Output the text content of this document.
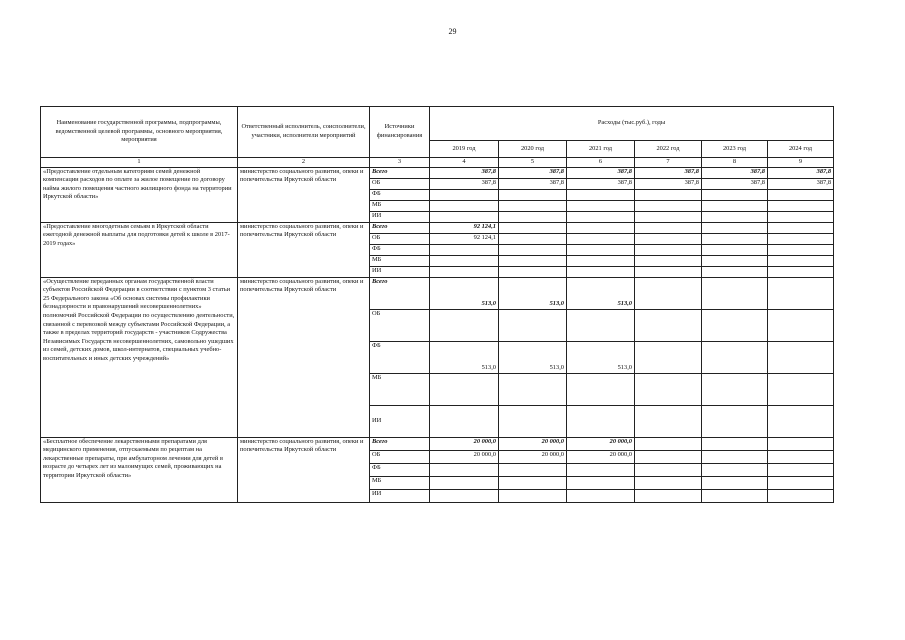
29
Наименование государственной программы, подпрограммы, ведомственной целевой программы, основного мероприятия, мероприятия	Ответственный исполнитель, соисполнители, участники, исполнители мероприятий	Источники финансирования	Расходы (тыс.руб.), годы					
			2019 год	2020 год	2021 год	2022 год	2023 год	2024 год
1	2	3	4	5	6	7	8	9
«Предоставление отдельным категориям семей денежной компенсации расходов по оплате за жилое помещение по договору найма жилого помещения частного жилищного фонда на территории Иркутской области»	министерство социального развития, опеки и попечительства Иркутской области	Всего	387,8	387,8	387,8	387,8	387,8	387,8
		ОБ	387,8	387,8	387,8	387,8	387,8	387,8
		ФБ						
		МБ						
		ИИ						
«Предоставление многодетным семьям в Иркутской области ежегодной денежной выплаты для подготовки детей к школе в 2017-2019 годах»	министерство социального развития, опеки и попечительства Иркутской области	Всего	92 124,1					
		ОБ	92 124,1					
		ФБ						
		МБ						
		ИИ						
«Осуществление переданных органам государственной власти субъектов Российской Федерации в соответствии с пунктом 3 статьи 25 Федерального закона «Об основах системы профилактики безнадзорности и правонарушений несовершеннолетних» полномочий Российской Федерации по осуществлению деятельности, связанной с перевозкой между субъектами Российской Федерации, а также в пределах территорий государств - участников Содружества Независимых Государств несовершеннолетних, самовольно ушедших из семей, детских домов, школ-интернатов, специальных учебно-воспитательных и иных детских учреждений»	министерство социального развития, опеки и попечительства Иркутской области	Всего	513,0	513,0	513,0			
		ОБ						
		ФБ	513,0	513,0	513,0			
		МБ						
		ИИ						
«Бесплатное обеспечение лекарственными препаратами для медицинского применения, отпускаемыми по рецептам на лекарственные препараты, при амбулаторном лечении для детей в возрасте до четырех лет из малоимущих семей, проживающих на территории Иркутской области»	министерство социального развития, опеки и попечительства Иркутской области	Всего	20 000,0	20 000,0	20 000,0			
		ОБ	20 000,0	20 000,0	20 000,0			
		ФБ						
		МБ						
		ИИ						
